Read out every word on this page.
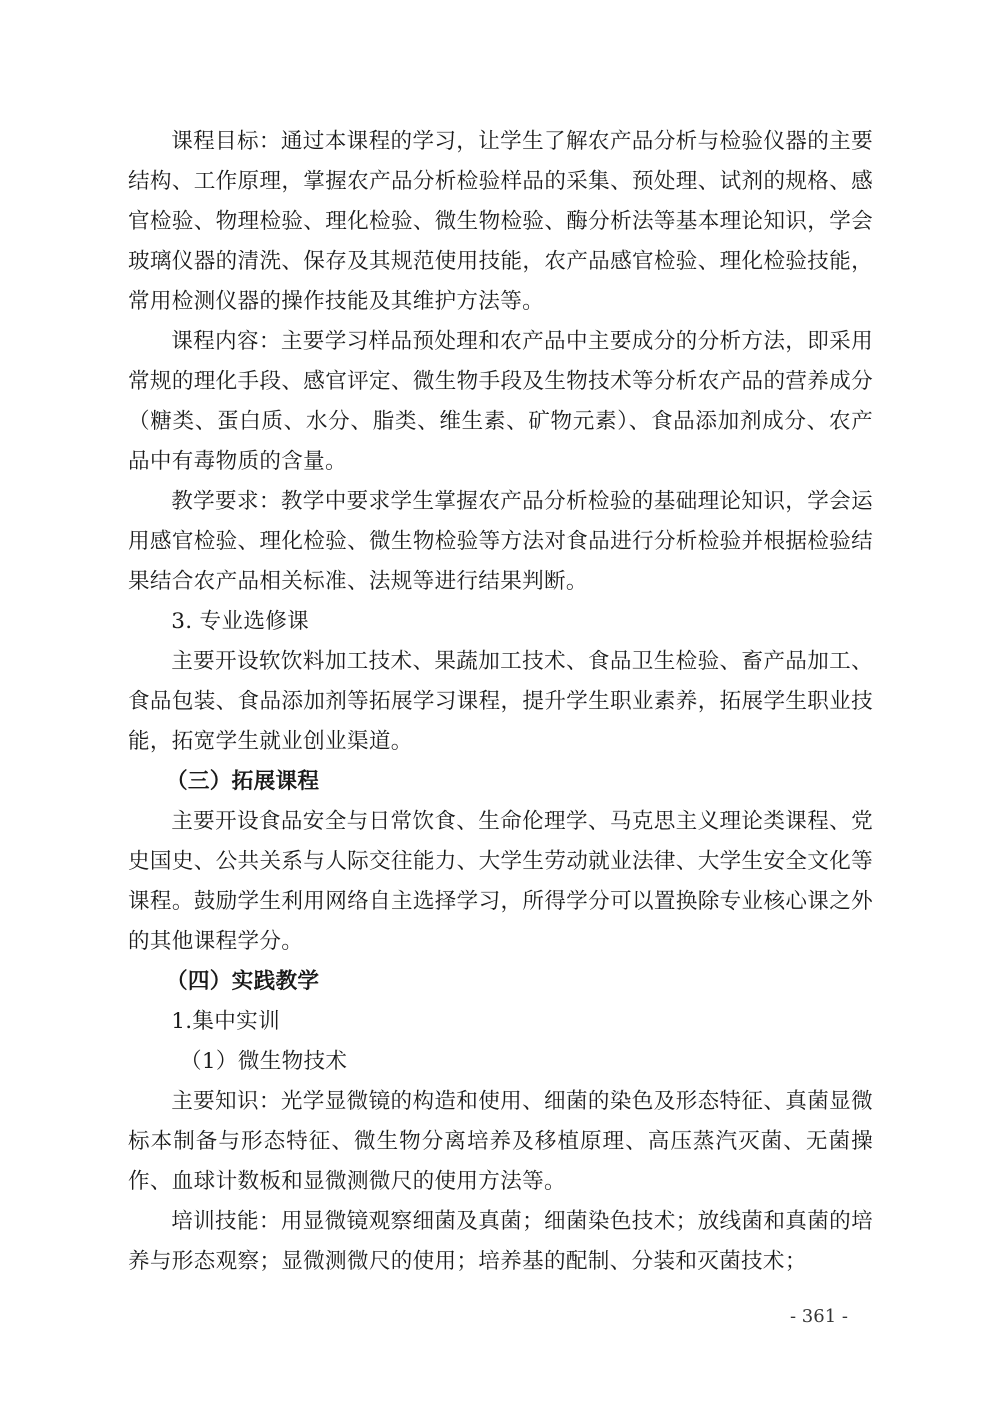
课程目标：通过本课程的学习，让学生了解农产品分析与检验仪器的主要结构、工作原理，掌握农产品分析检验样品的采集、预处理、试剂的规格、感官检验、物理检验、理化检验、微生物检验、酶分析法等基本理论知识，学会玻璃仪器的清洗、保存及其规范使用技能，农产品感官检验、理化检验技能，常用检测仪器的操作技能及其维护方法等。

课程内容：主要学习样品预处理和农产品中主要成分的分析方法，即采用常规的理化手段、感官评定、微生物手段及生物技术等分析农产品的营养成分（糖类、蛋白质、水分、脂类、维生素、矿物元素）、食品添加剂成分、农产品中有毒物质的含量。

教学要求：教学中要求学生掌握农产品分析检验的基础理论知识，学会运用感官检验、理化检验、微生物检验等方法对食品进行分析检验并根据检验结果结合农产品相关标准、法规等进行结果判断。

3. 专业选修课

主要开设软饮料加工技术、果蔬加工技术、食品卫生检验、畜产品加工、食品包装、食品添加剂等拓展学习课程，提升学生职业素养，拓展学生职业技能，拓宽学生就业创业渠道。

（三）拓展课程

主要开设食品安全与日常饮食、生命伦理学、马克思主义理论类课程、党史国史、公共关系与人际交往能力、大学生劳动就业法律、大学生安全文化等课程。鼓励学生利用网络自主选择学习，所得学分可以置换除专业核心课之外的其他课程学分。

（四）实践教学

1.集中实训

（1）微生物技术

主要知识：光学显微镜的构造和使用、细菌的染色及形态特征、真菌显微标本制备与形态特征、微生物分离培养及移植原理、高压蒸汽灭菌、无菌操作、血球计数板和显微测微尺的使用方法等。

培训技能：用显微镜观察细菌及真菌；细菌染色技术；放线菌和真菌的培养与形态观察；显微测微尺的使用；培养基的配制、分装和灭菌技术；

- 361 -
